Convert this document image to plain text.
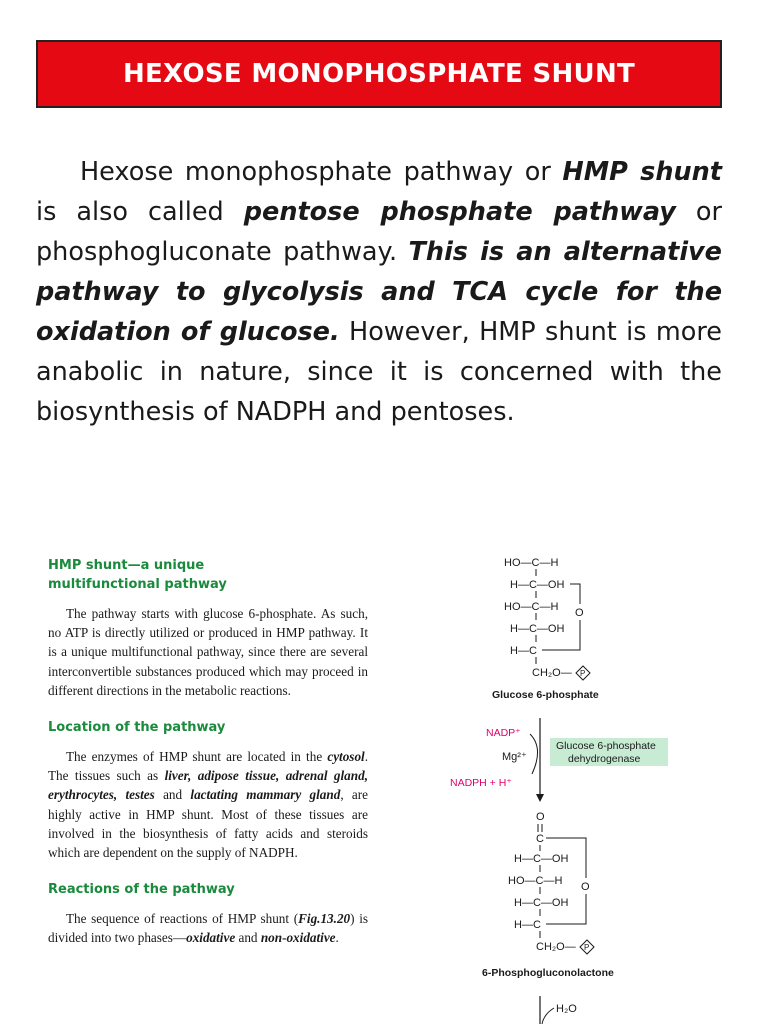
HEXOSE MONOPHOSPHATE SHUNT

Hexose monophosphate pathway or HMP shunt is also called pentose phosphate pathway or phosphogluconate pathway. This is an alternative pathway to glycolysis and TCA cycle for the oxidation of glucose. However, HMP shunt is more anabolic in nature, since it is concerned with the biosynthesis of NADPH and pentoses.

HMP shunt—a unique
multifunctional pathway

The pathway starts with glucose 6-phosphate. As such, no ATP is directly utilized or produced in HMP pathway. It is a unique multifunctional pathway, since there are several interconvertible substances produced which may proceed in different directions in the metabolic reactions.

Location of the pathway

The enzymes of HMP shunt are located in the cytosol. The tissues such as liver, adipose tissue, adrenal gland, erythrocytes, testes and lactating mammary gland, are highly active in HMP shunt. Most of these tissues are involved in the biosynthesis of fatty acids and steroids which are dependent on the supply of NADPH.

Reactions of the pathway

The sequence of reactions of HMP shunt (Fig.13.20) is divided into two phases—oxidative and non-oxidative.

HO—C—H
H—C—OH
HO—C—H
H—C—OH
H—C
O
CH₂O— P
Glucose 6-phosphate
NADP⁺
Mg²⁺
NADPH + H⁺
Glucose 6-phosphate
dehydrogenase
O
C
H—C—OH
HO—C—H
H—C—OH
H—C
O
CH₂O— P
6-Phosphogluconolactone
H₂O
